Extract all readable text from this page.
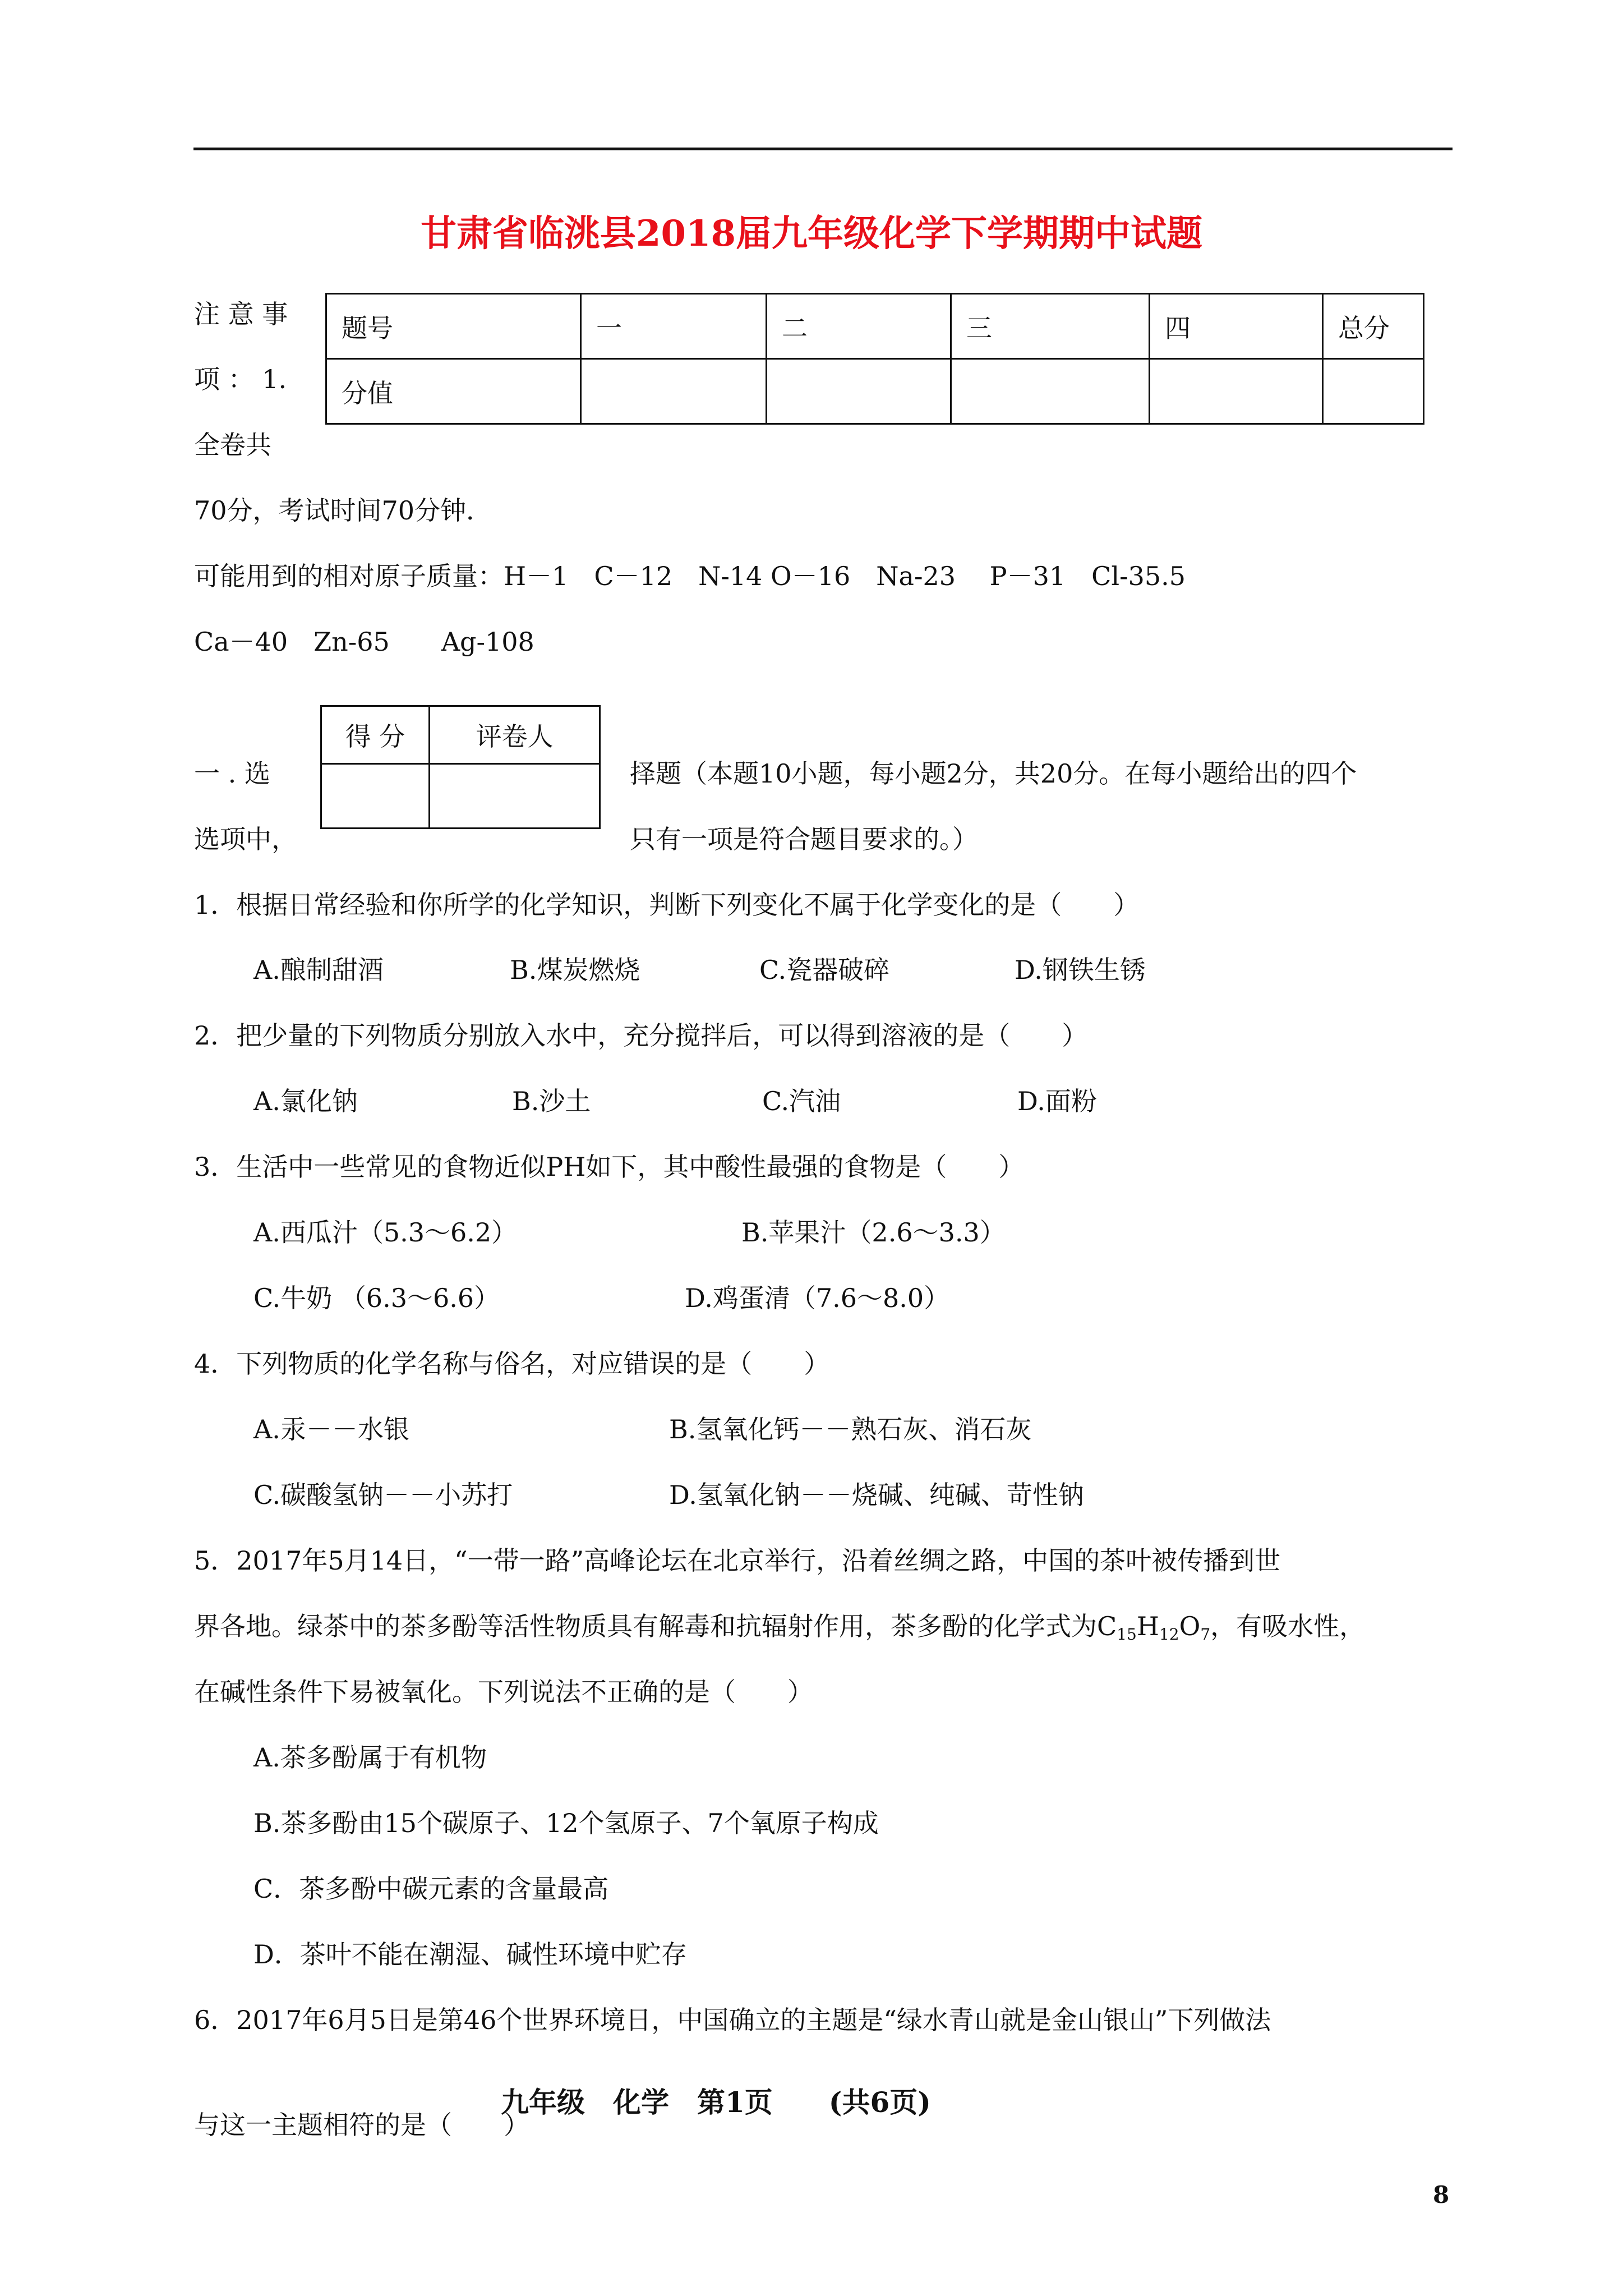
甘肃省临洮县2018届九年级化学下学期期中试题
注 意 事
项 ： 1.
全卷共
题号	一	二	三	四	总分
分值					
70分，考试时间70分钟．
可能用到的相对原子质量：H－1　C－12　N-14 O－16　Na-23　 P－31　Cl-35.5
Ca－40　Zn-65　　Ag-108
得 分	评卷人

一 . 选	择题（本题10小题，每小题2分，共20分。在每小题给出的四个
选项中，	只有一项是符合题目要求的。）
1．根据日常经验和你所学的化学知识，判断下列变化不属于化学变化的是（　　）
A.酿制甜酒	B.煤炭燃烧	C.瓷器破碎	D.钢铁生锈
2．把少量的下列物质分别放入水中，充分搅拌后，可以得到溶液的是（　　）
A.氯化钠	B.沙土	C.汽油	D.面粉
3．生活中一些常见的食物近似PH如下，其中酸性最强的食物是（　　）
A.西瓜汁（5.3～6.2）	B.苹果汁（2.6～3.3）
C.牛奶 （6.3～6.6）	D.鸡蛋清（7.6～8.0）
4．下列物质的化学名称与俗名，对应错误的是（　　）
A.汞－－水银	B.氢氧化钙－－熟石灰、消石灰
C.碳酸氢钠－－小苏打	D.氢氧化钠－－烧碱、纯碱、苛性钠
5．2017年5月14日，“一带一路”高峰论坛在北京举行，沿着丝绸之路，中国的茶叶被传播到世
界各地。绿茶中的茶多酚等活性物质具有解毒和抗辐射作用，茶多酚的化学式为$C_{15}H_{12}O_7$，有吸水性，
在碱性条件下易被氧化。下列说法不正确的是（　　）
A.茶多酚属于有机物
B.茶多酚由15个碳原子、12个氢原子、7个氧原子构成
C．茶多酚中碳元素的含量最高
D．茶叶不能在潮湿、碱性环境中贮存
6．2017年6月5日是第46个世界环境日，中国确立的主题是“绿水青山就是金山银山”下列做法
九年级　化学　第1页　　(共6页)
与这一主题相符的是（　　）
8
